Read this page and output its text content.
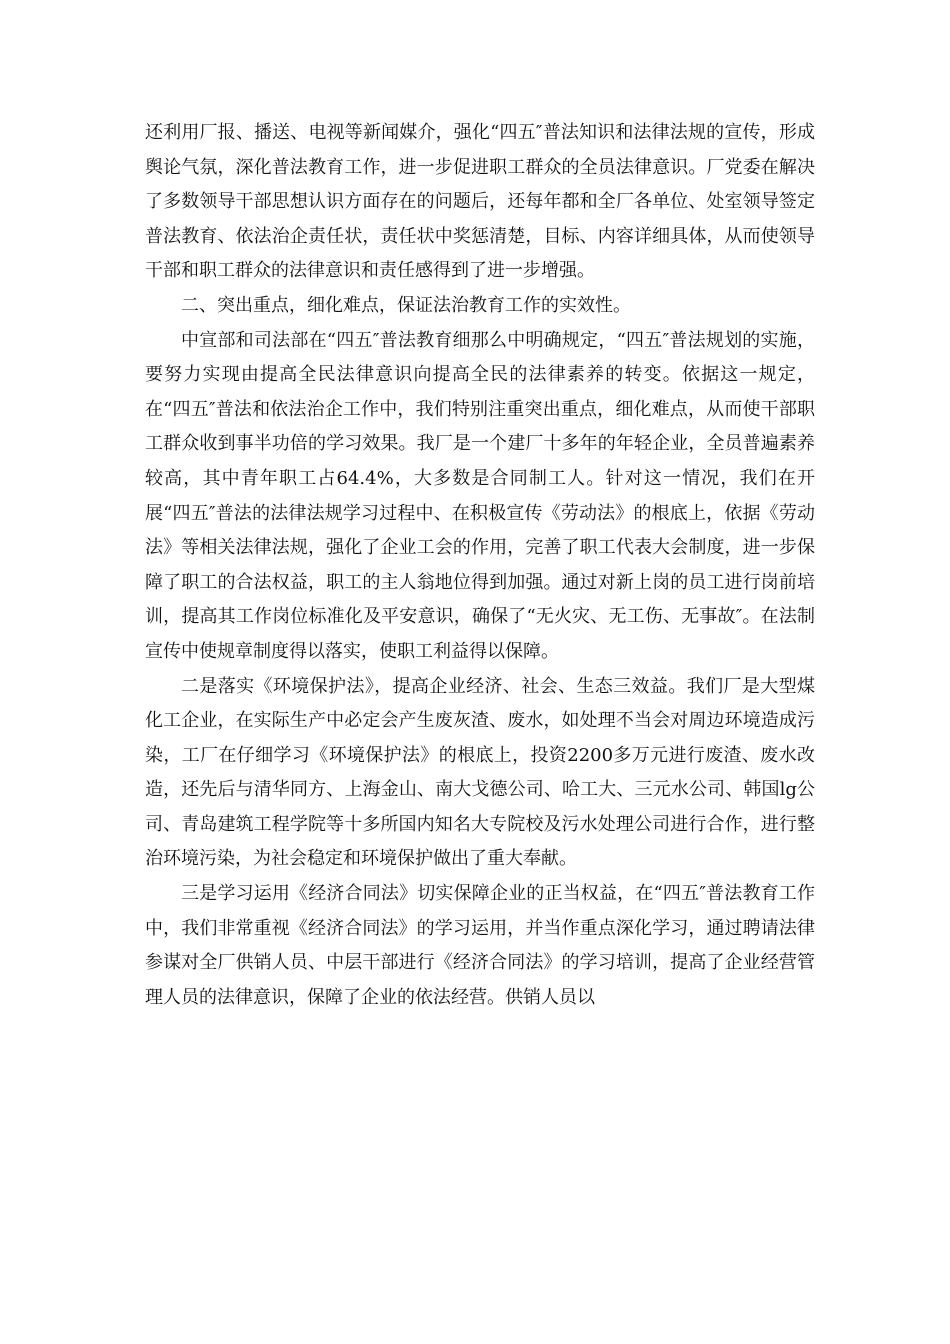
还利用厂报、播送、电视等新闻媒介，强化“四五″普法知识和法律法规的宣传，形成舆论气氛，深化普法教育工作，进一步促进职工群众的全员法律意识。厂党委在解决了多数领导干部思想认识方面存在的问题后，还每年都和全厂各单位、处室领导签定普法教育、依法治企责任状，责任状中奖惩清楚，目标、内容详细具体，从而使领导干部和职工群众的法律意识和责任感得到了进一步增强。

二、突出重点，细化难点，保证法治教育工作的实效性。

中宣部和司法部在“四五″普法教育细那么中明确规定，“四五″普法规划的实施，要努力实现由提高全民法律意识向提高全民的法律素养的转变。依据这一规定，在“四五″普法和依法治企工作中，我们特别注重突出重点，细化难点，从而使干部职工群众收到事半功倍的学习效果。我厂是一个建厂十多年的年轻企业，全员普遍素养较高，其中青年职工占64.4%，大多数是合同制工人。针对这一情况，我们在开展“四五″普法的法律法规学习过程中、在积极宣传《劳动法》的根底上，依据《劳动法》等相关法律法规，强化了企业工会的作用，完善了职工代表大会制度，进一步保障了职工的合法权益，职工的主人翁地位得到加强。通过对新上岗的员工进行岗前培训，提高其工作岗位标准化及平安意识，确保了“无火灾、无工伤、无事故″。在法制宣传中使规章制度得以落实，使职工利益得以保障。

二是落实《环境保护法》，提高企业经济、社会、生态三效益。我们厂是大型煤化工企业，在实际生产中必定会产生废灰渣、废水，如处理不当会对周边环境造成污染，工厂在仔细学习《环境保护法》的根底上，投资2200多万元进行废渣、废水改造，还先后与清华同方、上海金山、南大戈德公司、哈工大、三元水公司、韩国lg公司、青岛建筑工程学院等十多所国内知名大专院校及污水处理公司进行合作，进行整治环境污染，为社会稳定和环境保护做出了重大奉献。

三是学习运用《经济合同法》切实保障企业的正当权益，在“四五″普法教育工作中，我们非常重视《经济合同法》的学习运用，并当作重点深化学习，通过聘请法律参谋对全厂供销人员、中层干部进行《经济合同法》的学习培训，提高了企业经营管理人员的法律意识，保障了企业的依法经营。供销人员以
